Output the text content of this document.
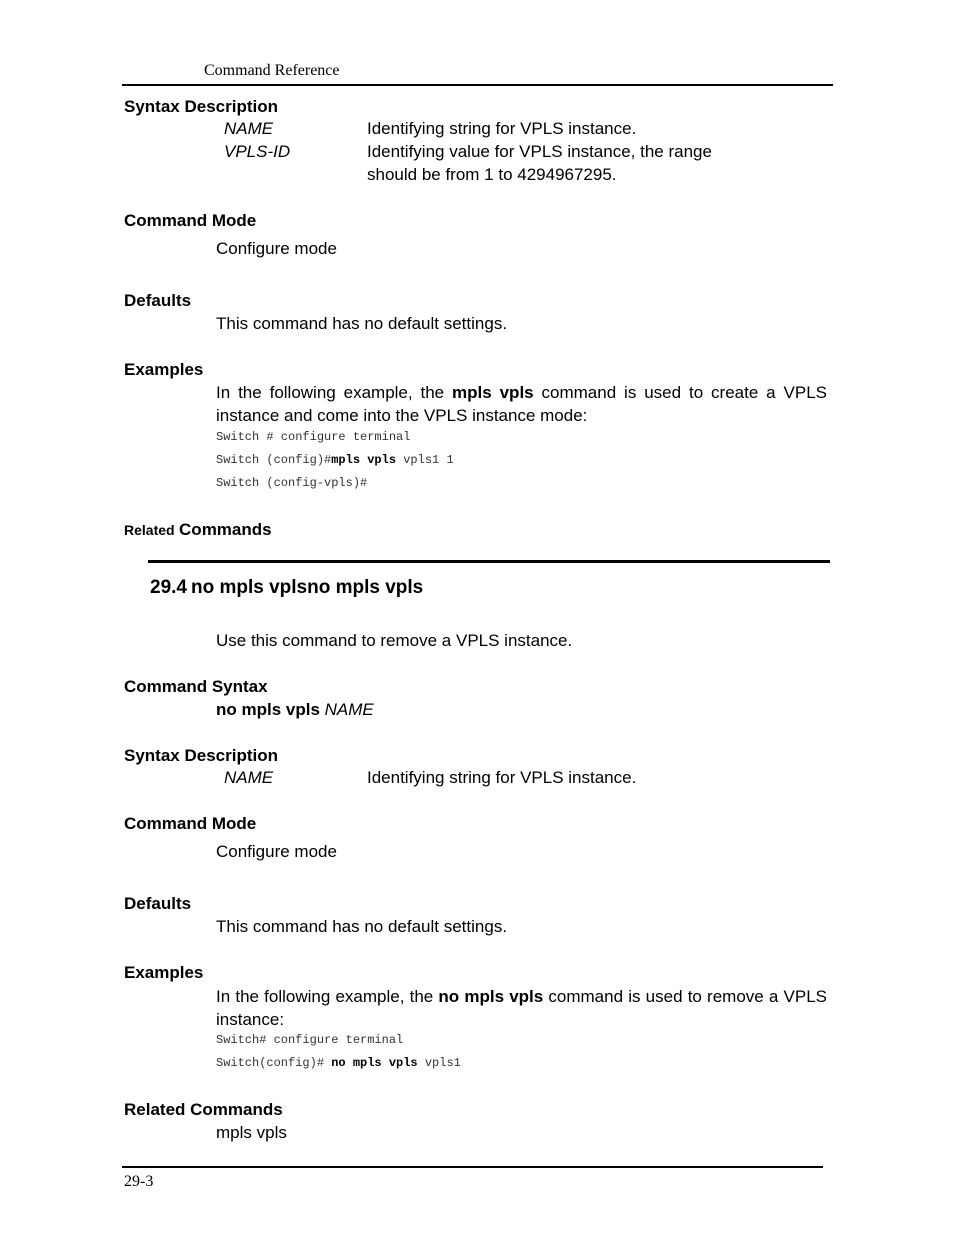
Command Reference
Syntax Description
NAME	Identifying string for VPLS instance.
VPLS-ID	Identifying value for VPLS instance, the range
should be from 1 to 4294967295.
Command Mode
Configure mode
Defaults
This command has no default settings.
Examples
In the following example, the mpls vpls command is used to create a VPLS instance and come into the VPLS instance mode:
Switch # configure terminal
Switch (config)#mpls vpls vpls1 1
Switch (config-vpls)#
Related Commands
29.4 no mpls vplsno mpls vpls
Use this command to remove a VPLS instance.
Command Syntax
no mpls vpls NAME
Syntax Description
NAME	Identifying string for VPLS instance.
Command Mode
Configure mode
Defaults
This command has no default settings.
Examples
In the following example, the no mpls vpls command is used to remove a VPLS instance:
Switch# configure terminal
Switch(config)# no mpls vpls vpls1
Related Commands
mpls vpls
29-3
